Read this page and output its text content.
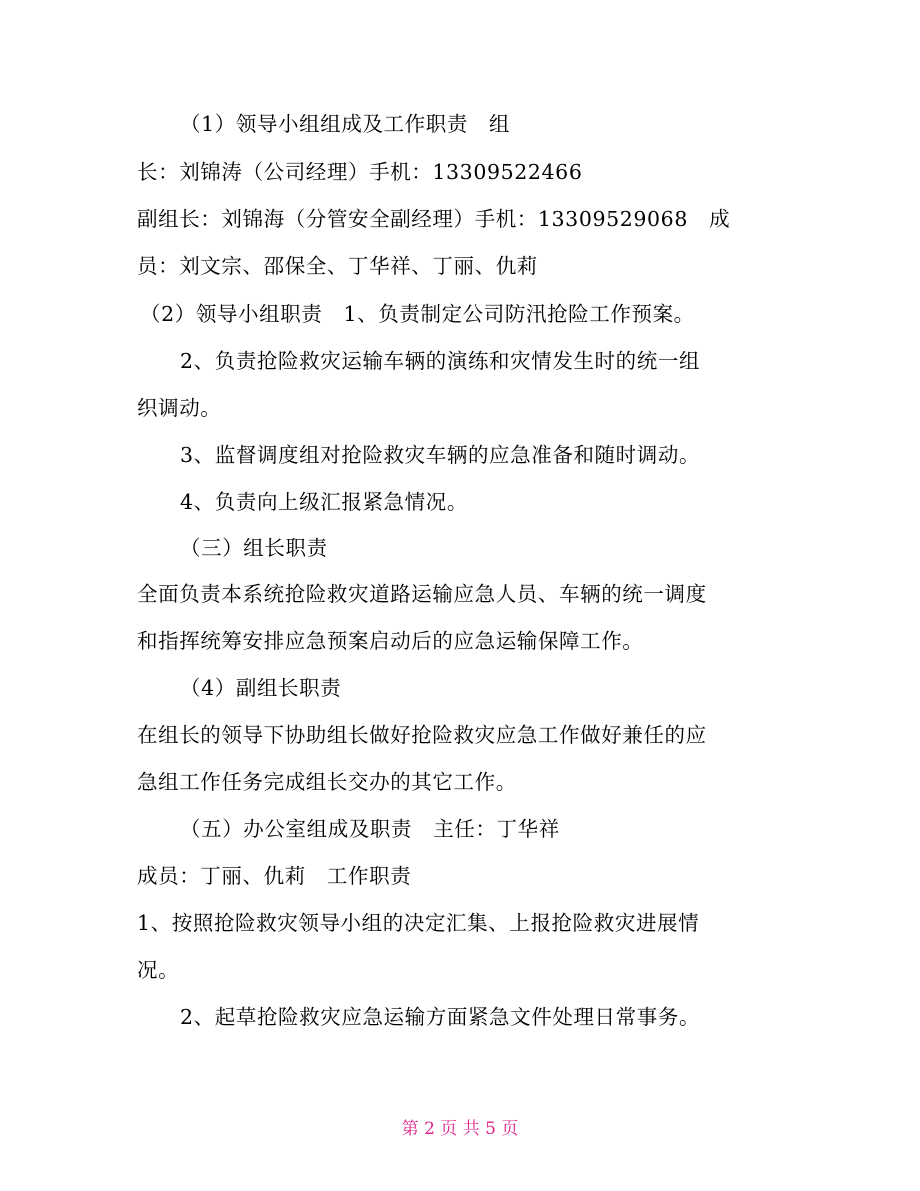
（1）领导小组组成及工作职责　组
长：刘锦涛（公司经理）手机：13309522466
副组长：刘锦海（分管安全副经理）手机：13309529068　成
员：刘文宗、邵保全、丁华祥、丁丽、仇莉
（2）领导小组职责　1、负责制定公司防汛抢险工作预案。
2、负责抢险救灾运输车辆的演练和灾情发生时的统一组
织调动。
3、监督调度组对抢险救灾车辆的应急准备和随时调动。
4、负责向上级汇报紧急情况。
（三）组长职责
全面负责本系统抢险救灾道路运输应急人员、车辆的统一调度
和指挥统筹安排应急预案启动后的应急运输保障工作。
（4）副组长职责
在组长的领导下协助组长做好抢险救灾应急工作做好兼任的应
急组工作任务完成组长交办的其它工作。
（五）办公室组成及职责　主任：丁华祥
成员：丁丽、仇莉　工作职责
1、按照抢险救灾领导小组的决定汇集、上报抢险救灾进展情
况。
2、起草抢险救灾应急运输方面紧急文件处理日常事务。
第 2 页 共 5 页
